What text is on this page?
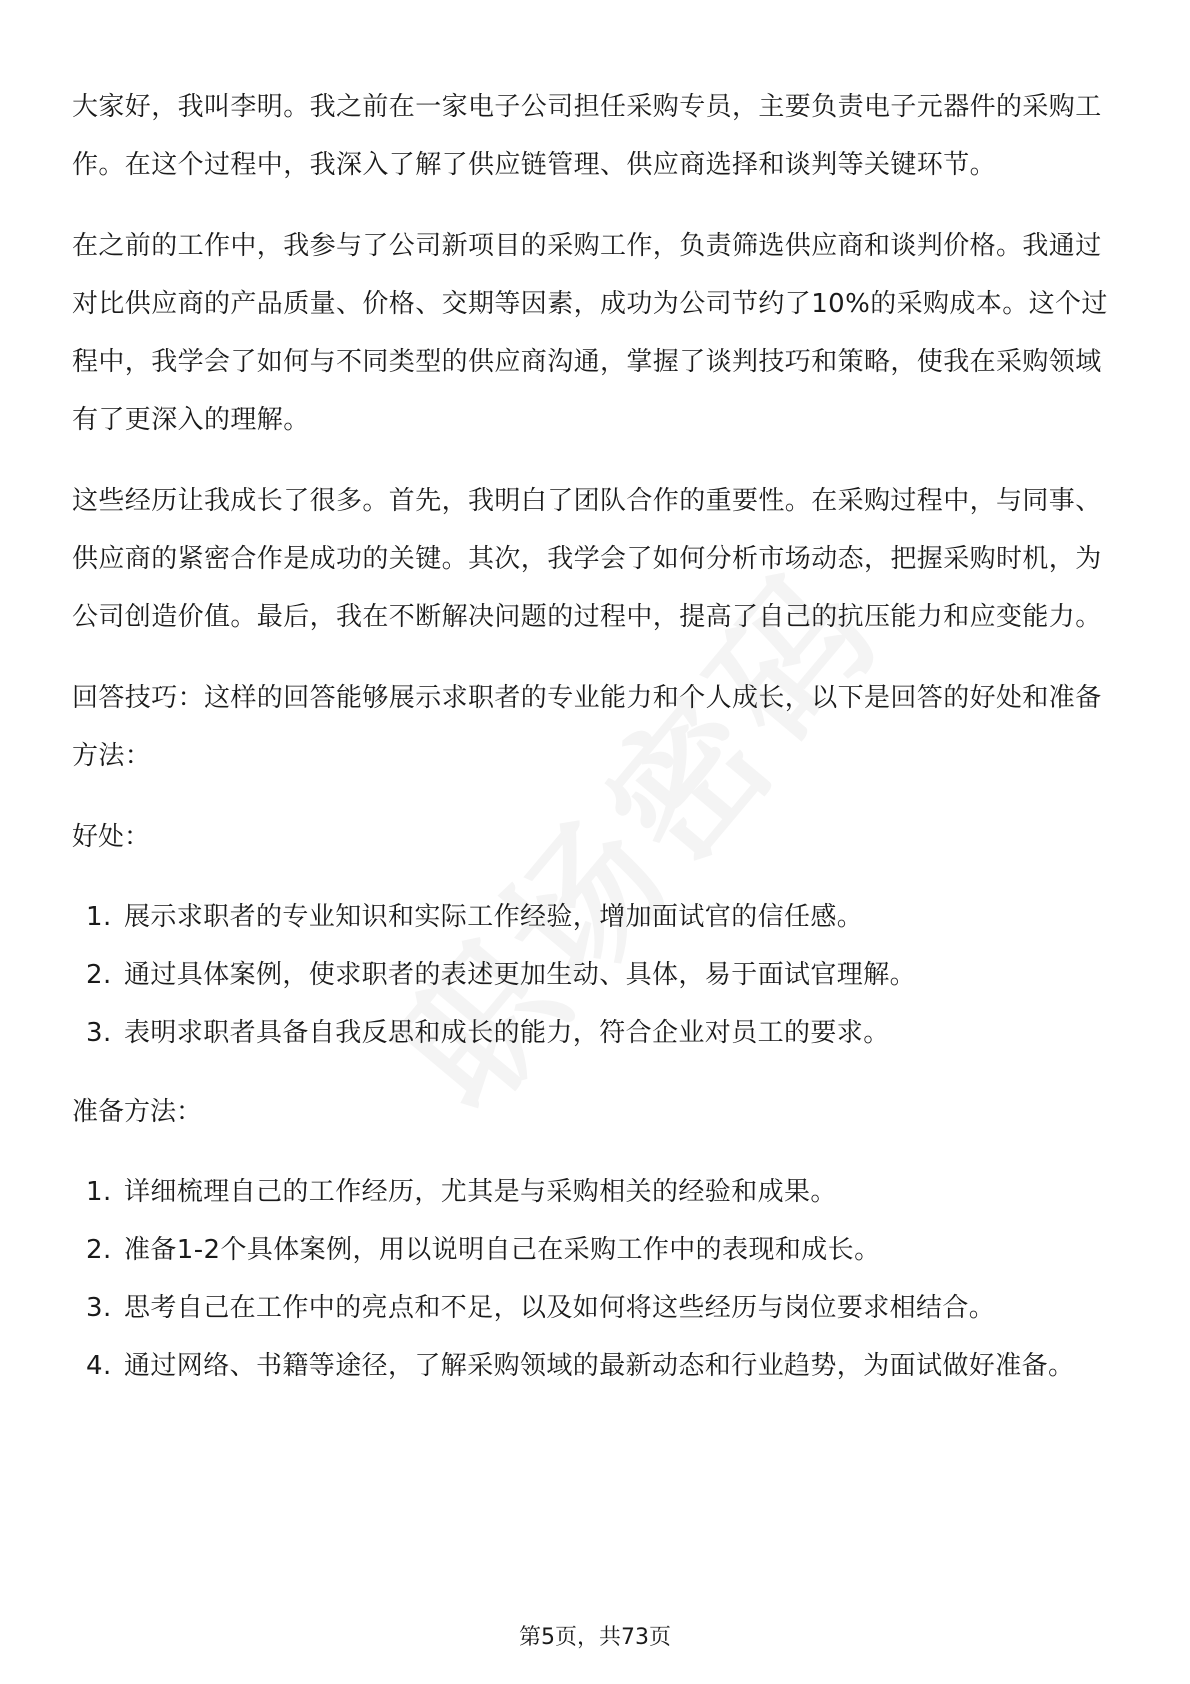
大家好，我叫李明。我之前在一家电子公司担任采购专员，主要负责电子元器件的采购工作。在这个过程中，我深入了解了供应链管理、供应商选择和谈判等关键环节。

在之前的工作中，我参与了公司新项目的采购工作，负责筛选供应商和谈判价格。我通过对比供应商的产品质量、价格、交期等因素，成功为公司节约了10%的采购成本。这个过程中，我学会了如何与不同类型的供应商沟通，掌握了谈判技巧和策略，使我在采购领域有了更深入的理解。

这些经历让我成长了很多。首先，我明白了团队合作的重要性。在采购过程中，与同事、供应商的紧密合作是成功的关键。其次，我学会了如何分析市场动态，把握采购时机，为公司创造价值。最后，我在不断解决问题的过程中，提高了自己的抗压能力和应变能力。

回答技巧：这样的回答能够展示求职者的专业能力和个人成长，以下是回答的好处和准备方法：

好处：

1. 展示求职者的专业知识和实际工作经验，增加面试官的信任感。
2. 通过具体案例，使求职者的表述更加生动、具体，易于面试官理解。
3. 表明求职者具备自我反思和成长的能力，符合企业对员工的要求。

准备方法：

1. 详细梳理自己的工作经历，尤其是与采购相关的经验和成果。
2. 准备1-2个具体案例，用以说明自己在采购工作中的表现和成长。
3. 思考自己在工作中的亮点和不足，以及如何将这些经历与岗位要求相结合。
4. 通过网络、书籍等途径，了解采购领域的最新动态和行业趋势，为面试做好准备。
第5页，共73页
